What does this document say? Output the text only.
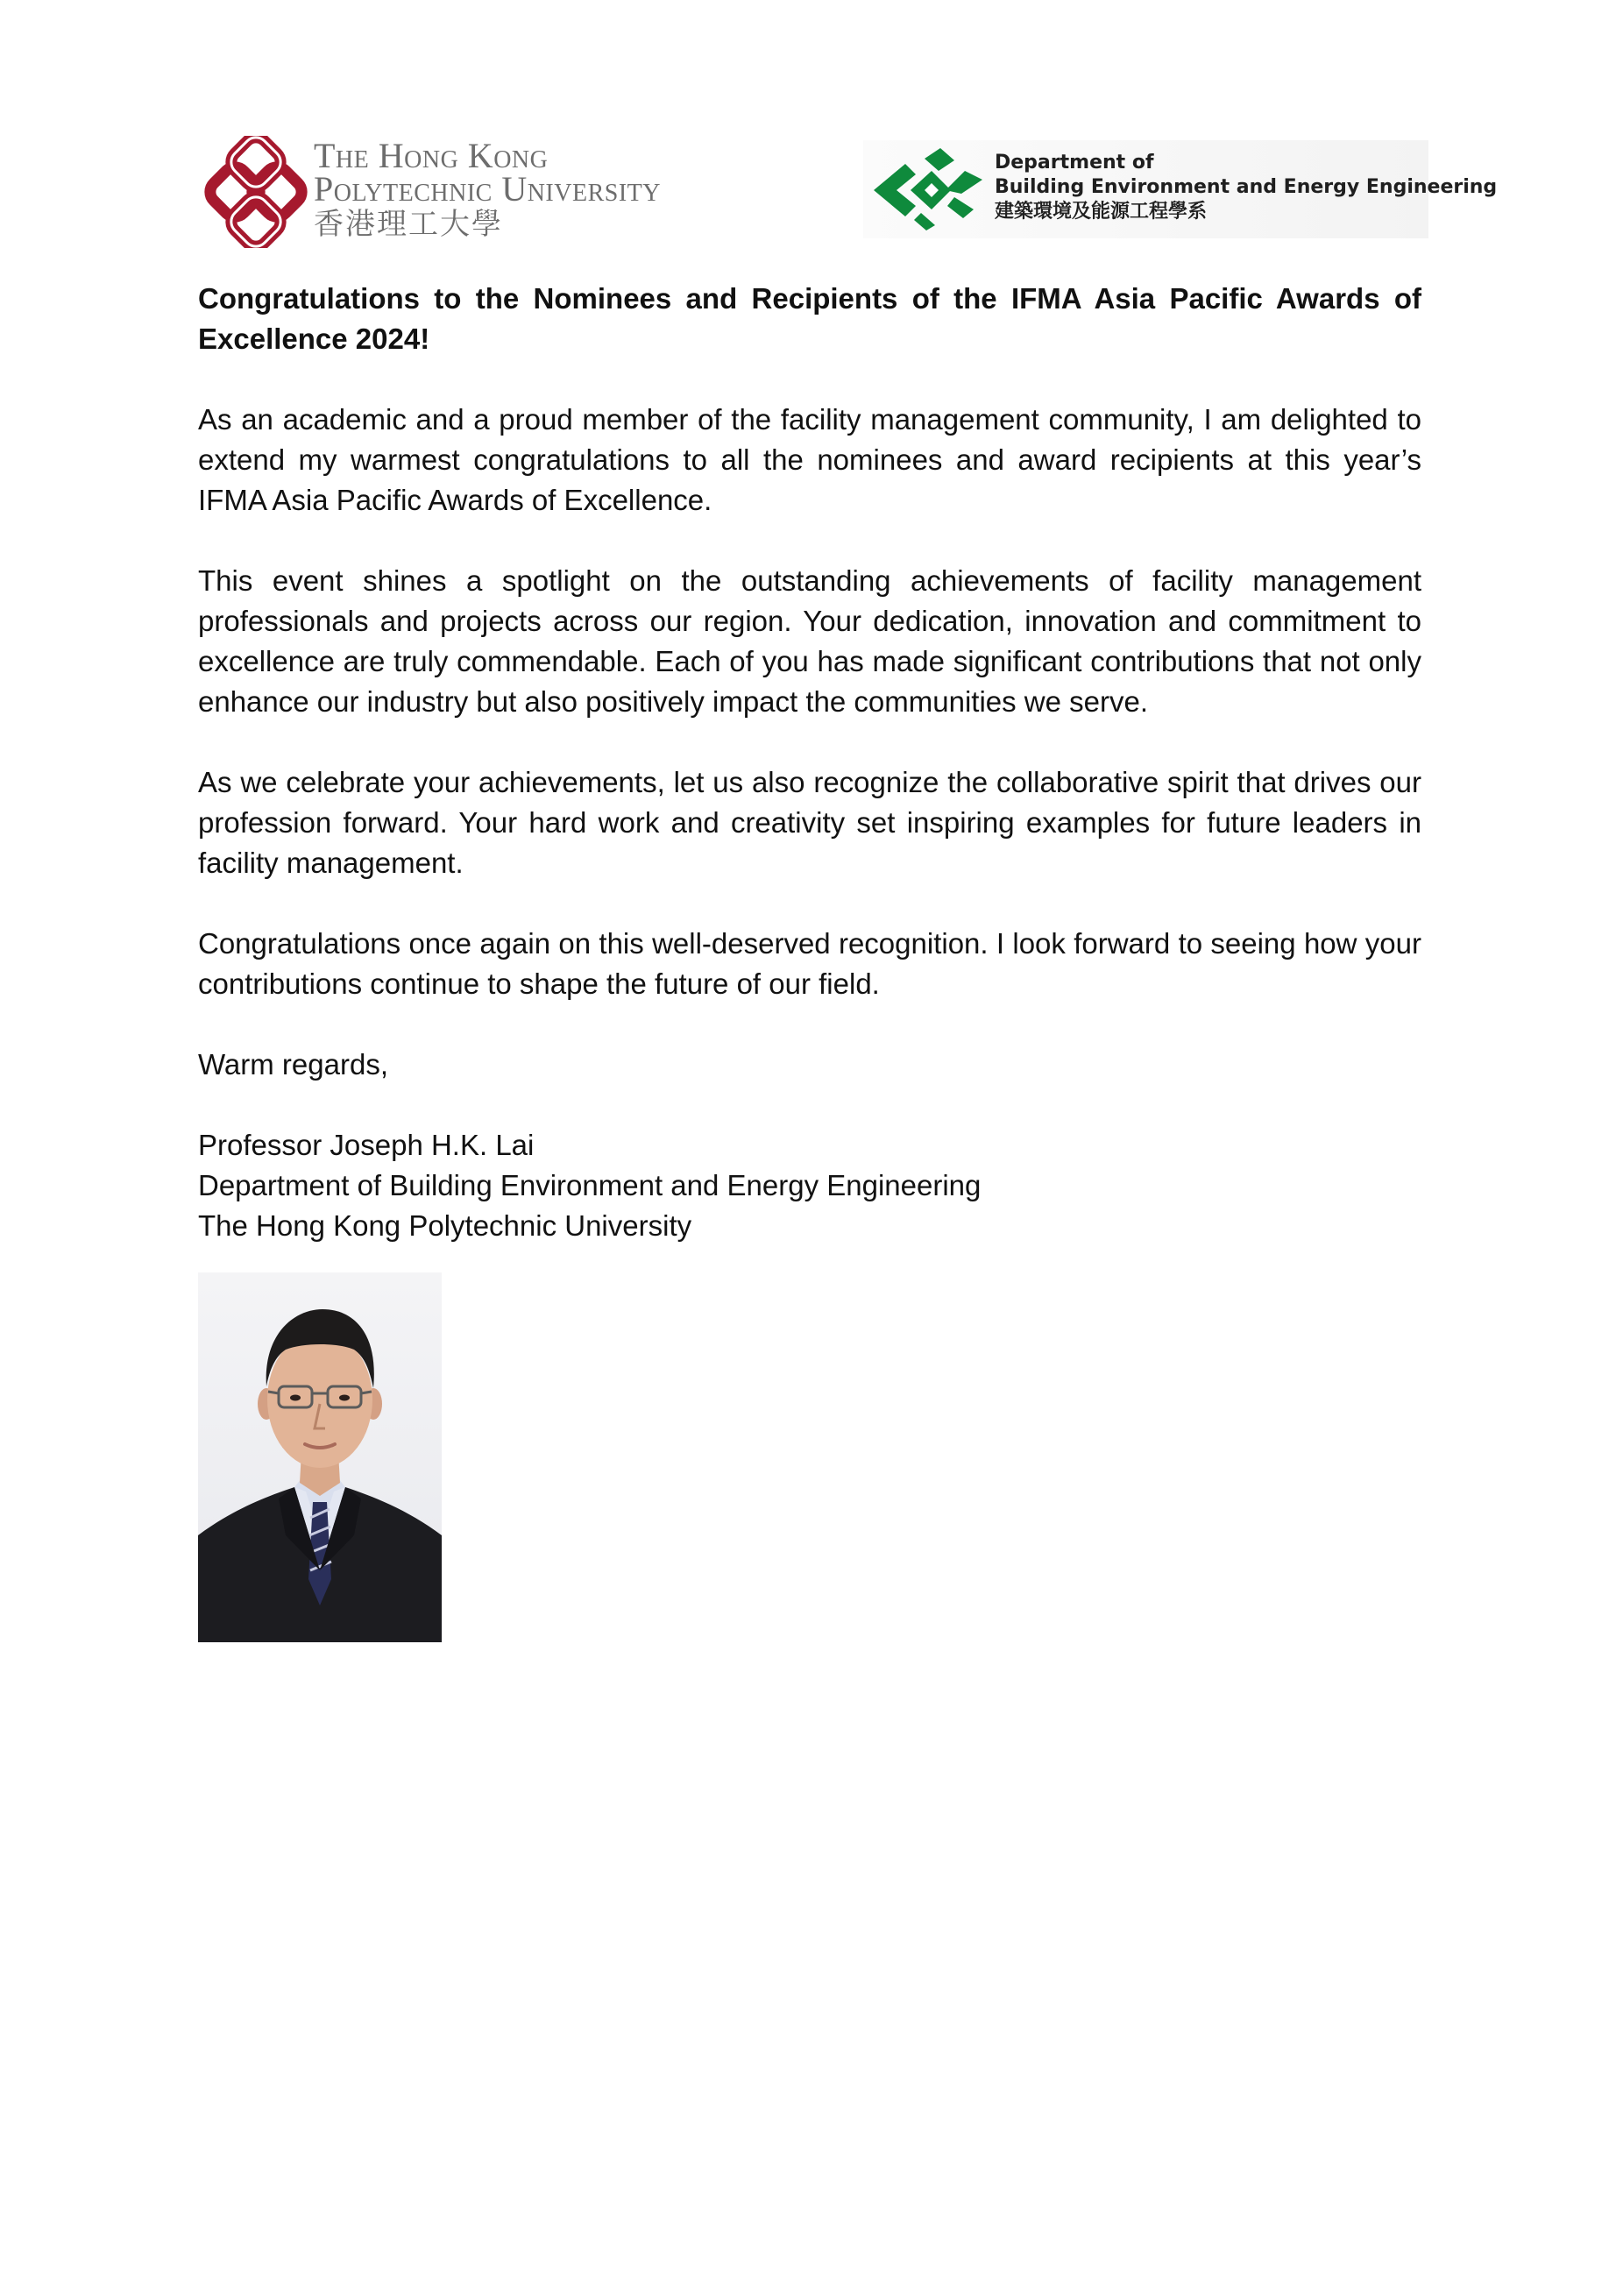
The Hong Kong
Polytechnic University
香港理工大學
Department of
Building Environment and Energy Engineering
建築環境及能源工程學系

Congratulations to the Nominees and Recipients of the IFMA Asia Pacific Awards of Excellence 2024!

As an academic and a proud member of the facility management community, I am delighted to extend my warmest congratulations to all the nominees and award recipients at this year’s IFMA Asia Pacific Awards of Excellence.

This event shines a spotlight on the outstanding achievements of facility management professionals and projects across our region. Your dedication, innovation and commitment to excellence are truly commendable. Each of you has made significant contributions that not only enhance our industry but also positively impact the communities we serve.

As we celebrate your achievements, let us also recognize the collaborative spirit that drives our profession forward. Your hard work and creativity set inspiring examples for future leaders in facility management.

Congratulations once again on this well-deserved recognition. I look forward to seeing how your contributions continue to shape the future of our field.

Warm regards,

Professor Joseph H.K. Lai

Department of Building Environment and Energy Engineering

The Hong Kong Polytechnic University
